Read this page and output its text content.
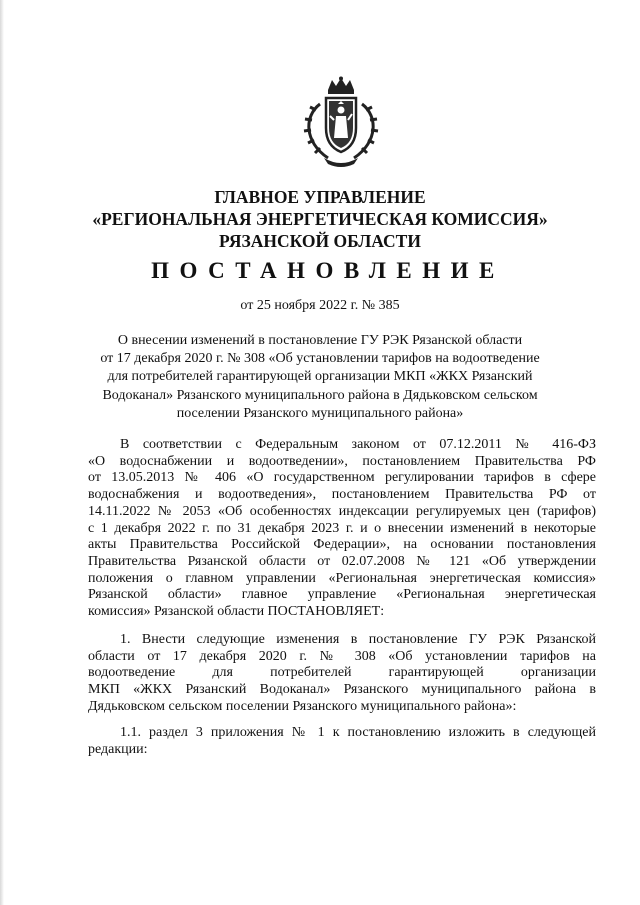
ГЛАВНОЕ УПРАВЛЕНИЕ
«РЕГИОНАЛЬНАЯ ЭНЕРГЕТИЧЕСКАЯ КОМИССИЯ»
РЯЗАНСКОЙ ОБЛАСТИ
ПОСТАНОВЛЕНИЕ
от 25 ноября 2022 г. № 385
О внесении изменений в постановление ГУ РЭК Рязанской области
от 17 декабря 2020 г. № 308 «Об установлении тарифов на водоотведение
для потребителей гарантирующей организации МКП «ЖКХ Рязанский
Водоканал» Рязанского муниципального района в Дядьковском сельском
поселении Рязанского муниципального района»
В соответствии с Федеральным законом от 07.12.2011 № 416-ФЗ
«О водоснабжении и водоотведении», постановлением Правительства РФ
от 13.05.2013 № 406 «О государственном регулировании тарифов в сфере
водоснабжения и водоотведения», постановлением Правительства РФ от
14.11.2022 № 2053 «Об особенностях индексации регулируемых цен (тарифов)
с 1 декабря 2022 г. по 31 декабря 2023 г. и о внесении изменений в некоторые
акты Правительства Российской Федерации», на основании постановления
Правительства Рязанской области от 02.07.2008 № 121 «Об утверждении
положения о главном управлении «Региональная энергетическая комиссия»
Рязанской области» главное управление «Региональная энергетическая
комиссия» Рязанской области ПОСТАНОВЛЯЕТ:
1. Внести следующие изменения в постановление ГУ РЭК Рязанской
области от 17 декабря 2020 г. № 308 «Об установлении тарифов на
водоотведение для потребителей гарантирующей организации
МКП «ЖКХ Рязанский Водоканал» Рязанского муниципального района в
Дядьковском сельском поселении Рязанского муниципального района»:
1.1. раздел 3 приложения № 1 к постановлению изложить в следующей
редакции:
